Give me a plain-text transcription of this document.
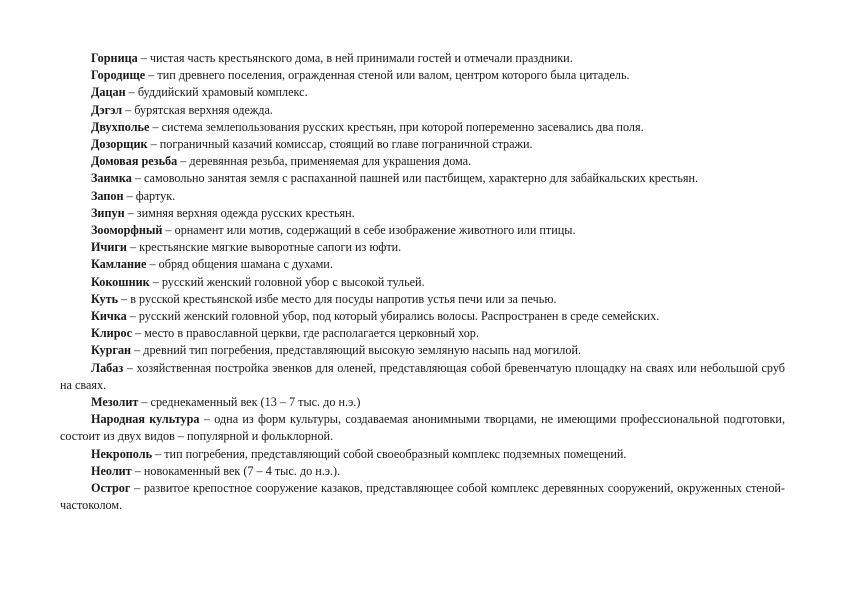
Горница – чистая часть крестьянского дома, в ней принимали гостей и отмечали праздники.

Городище – тип древнего поселения, огражденная стеной или валом, центром которого была цитадель.

Дацан – буддийский храмовый комплекс.

Дэгэл – бурятская верхняя одежда.

Двухполье – система землепользования русских крестьян, при которой попеременно засевались два поля.

Дозорщик – пограничный казачий комиссар, стоящий во главе пограничной стражи.

Домовая резьба – деревянная резьба, применяемая для украшения дома.

Заимка – самовольно занятая земля с распаханной пашней или пастбищем, характерно для забайкальских крестьян.

Запон – фартук.

Зипун – зимняя верхняя одежда русских крестьян.

Зооморфный – орнамент или мотив, содержащий в себе изображение животного или птицы.

Ичиги – крестьянские мягкие выворотные сапоги из юфти.

Камлание – обряд общения шамана с духами.

Кокошник – русский женский головной убор с высокой тульей.

Куть – в русской крестьянской избе место для посуды напротив устья печи или за печью.

Кичка – русский женский головной убор, под который убирались волосы. Распространен в среде семейских.

Клирос – место в православной церкви, где располагается церковный хор.

Курган – древний тип погребения, представляющий высокую земляную насыпь над могилой.

Лабаз – хозяйственная постройка эвенков для оленей, представляющая собой бревенчатую площадку на сваях или небольшой сруб на сваях.

Мезолит – среднекаменный век (13 – 7 тыс. до н.э.)

Народная культура – одна из форм культуры, создаваемая анонимными творцами, не имеющими профессиональной подготовки, состоит из двух видов – популярной и фольклорной.

Некрополь – тип погребения, представляющий собой своеобразный комплекс подземных помещений.

Неолит – новокаменный век (7 – 4 тыс. до н.э.).

Острог – развитое крепостное сооружение казаков, представляющее собой комплекс деревянных сооружений, окруженных стеной-частоколом.
